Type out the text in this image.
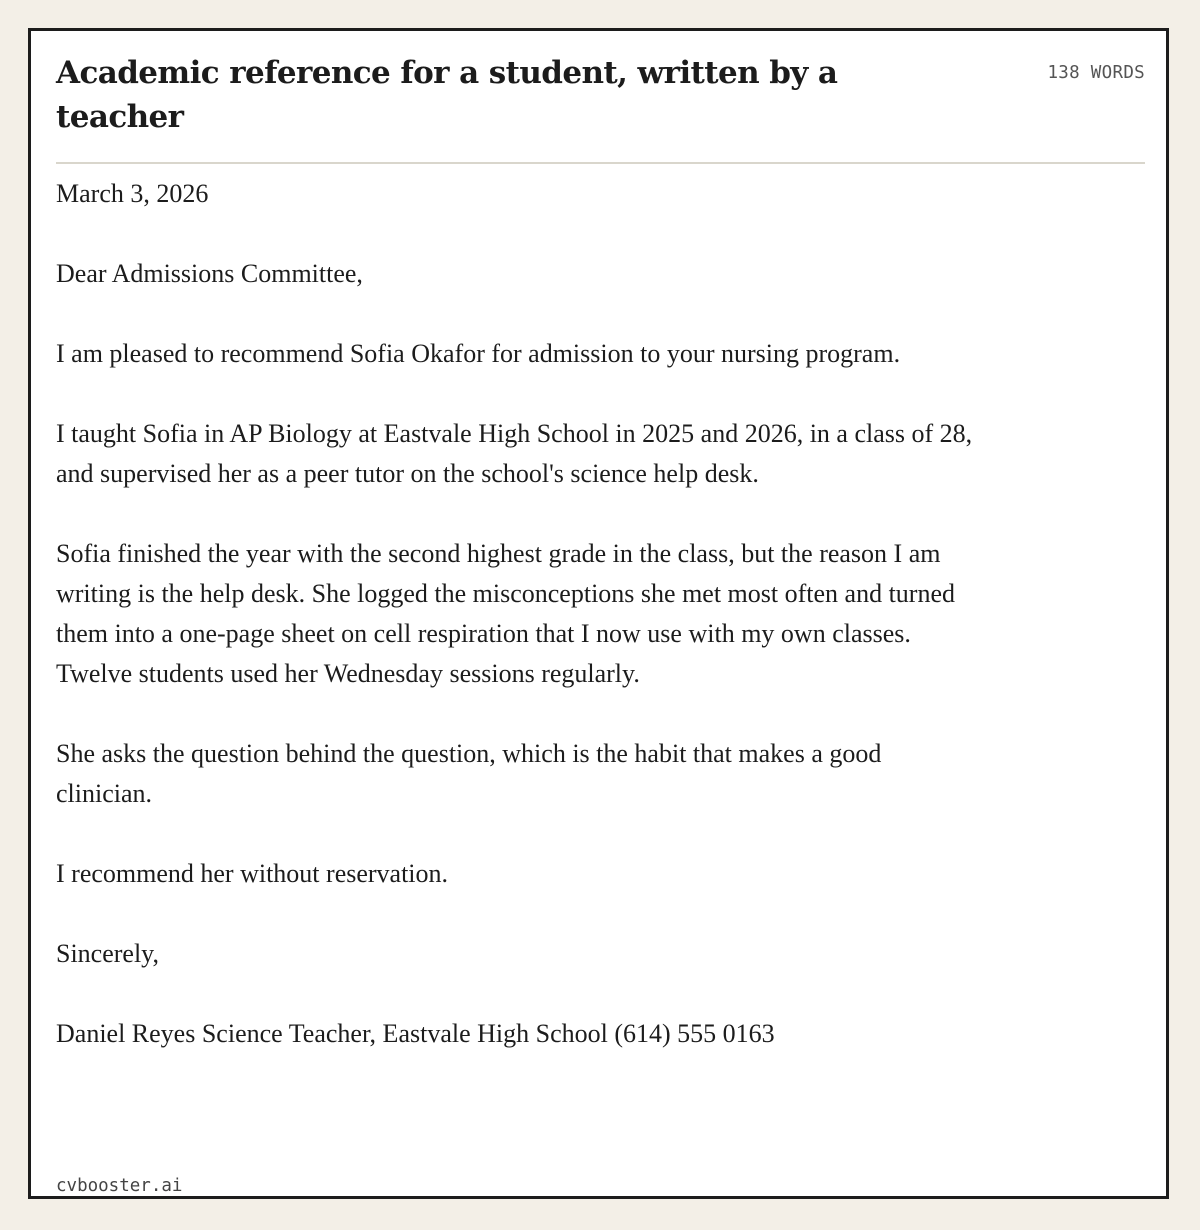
Academic reference for a student, written by a teacher
138 WORDS

March 3, 2026

Dear Admissions Committee,

I am pleased to recommend Sofia Okafor for admission to your nursing program.

I taught Sofia in AP Biology at Eastvale High School in 2025 and 2026, in a class of 28, and supervised her as a peer tutor on the school's science help desk.

Sofia finished the year with the second highest grade in the class, but the reason I am writing is the help desk. She logged the misconceptions she met most often and turned them into a one-page sheet on cell respiration that I now use with my own classes. Twelve students used her Wednesday sessions regularly.

She asks the question behind the question, which is the habit that makes a good clinician.

I recommend her without reservation.

Sincerely,

Daniel Reyes Science Teacher, Eastvale High School (614) 555 0163

cvbooster.ai
